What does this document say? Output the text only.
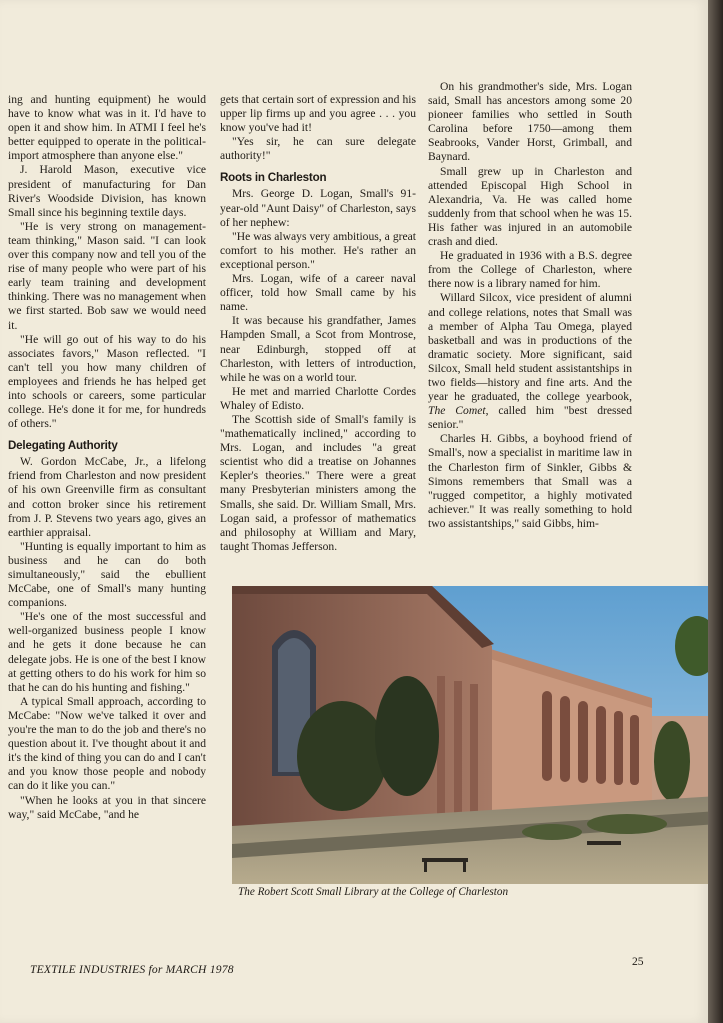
ing and hunting equipment) he would have to know what was in it. I'd have to open it and show him. In ATMI I feel he's better equipped to operate in the political-import atmosphere than anyone else."

J. Harold Mason, executive vice president of manufacturing for Dan River's Woodside Division, has known Small since his beginning textile days.

"He is very strong on management-team thinking," Mason said. "I can look over this company now and tell you of the rise of many people who were part of his early team training and development thinking. There was no management when we first started. Bob saw we would need it.

"He will go out of his way to do his associates favors," Mason reflected. "I can't tell you how many children of employees and friends he has helped get into schools or careers, some particular college. He's done it for me, for hundreds of others."

Delegating Authority

W. Gordon McCabe, Jr., a lifelong friend from Charleston and now president of his own Greenville firm as consultant and cotton broker since his retirement from J. P. Stevens two years ago, gives an earthier appraisal.

"Hunting is equally important to him as business and he can do both simultaneously," said the ebullient McCabe, one of Small's many hunting companions.

"He's one of the most successful and well-organized business people I know and he gets it done because he can delegate jobs. He is one of the best I know at getting others to do his work for him so that he can do his hunting and fishing."

A typical Small approach, according to McCabe: "Now we've talked it over and you're the man to do the job and there's no question about it. I've thought about it and it's the kind of thing you can do and I can't and you know those people and nobody can do it like you can."

"When he looks at you in that sincere way," said McCabe, "and he

gets that certain sort of expression and his upper lip firms up and you agree . . . you know you've had it!

"Yes sir, he can sure delegate authority!"

Roots in Charleston

Mrs. George D. Logan, Small's 91-year-old "Aunt Daisy" of Charleston, says of her nephew:

"He was always very ambitious, a great comfort to his mother. He's rather an exceptional person."

Mrs. Logan, wife of a career naval officer, told how Small came by his name.

It was because his grandfather, James Hampden Small, a Scot from Montrose, near Edinburgh, stopped off at Charleston, with letters of introduction, while he was on a world tour.

He met and married Charlotte Cordes Whaley of Edisto.

The Scottish side of Small's family is "mathematically inclined," according to Mrs. Logan, and includes "a great scientist who did a treatise on Johannes Kepler's theories." There were a great many Presbyterian ministers among the Smalls, she said. Dr. William Small, Mrs. Logan said, a professor of mathematics and philosophy at William and Mary, taught Thomas Jefferson.

On his grandmother's side, Mrs. Logan said, Small has ancestors among some 20 pioneer families who settled in South Carolina before 1750—among them Seabrooks, Vander Horst, Grimball, and Baynard.

Small grew up in Charleston and attended Episcopal High School in Alexandria, Va. He was called home suddenly from that school when he was 15. His father was injured in an automobile crash and died.

He graduated in 1936 with a B.S. degree from the College of Charleston, where there now is a library named for him.

Willard Silcox, vice president of alumni and college relations, notes that Small was a member of Alpha Tau Omega, played basketball and was in productions of the dramatic society. More significant, said Silcox, Small held student assistantships in two fields—history and fine arts. And the year he graduated, the college yearbook, The Comet, called him "best dressed senior."

Charles H. Gibbs, a boyhood friend of Small's, now a specialist in maritime law in the Charleston firm of Sinkler, Gibbs & Simons remembers that Small was a "rugged competitor, a highly motivated achiever." It was really something to hold two assistantships," said Gibbs, him-

The Robert Scott Small Library at the College of Charleston
TEXTILE INDUSTRIES for MARCH 1978
25
